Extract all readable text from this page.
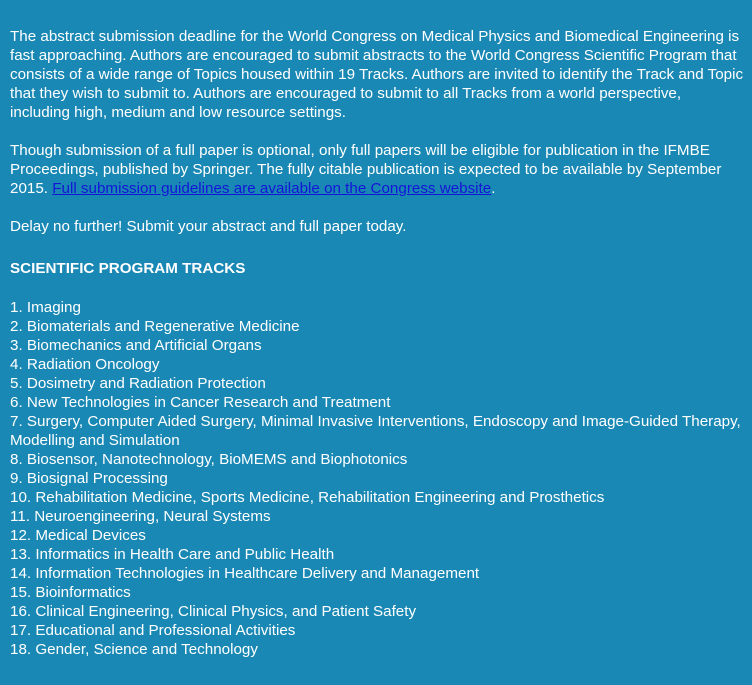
The abstract submission deadline for the World Congress on Medical Physics and Biomedical Engineering is fast approaching. Authors are encouraged to submit abstracts to the World Congress Scientific Program that consists of a wide range of Topics housed within 19 Tracks. Authors are invited to identify the Track and Topic that they wish to submit to. Authors are encouraged to submit to all Tracks from a world perspective, including high, medium and low resource settings.

Though submission of a full paper is optional, only full papers will be eligible for publication in the IFMBE Proceedings, published by Springer. The fully citable publication is expected to be available by September 2015. Full submission guidelines are available on the Congress website.

Delay no further! Submit your abstract and full paper today.

SCIENTIFIC PROGRAM TRACKS
1. Imaging
2. Biomaterials and Regenerative Medicine
3. Biomechanics and Artificial Organs
4. Radiation Oncology
5. Dosimetry and Radiation Protection
6. New Technologies in Cancer Research and Treatment
7. Surgery, Computer Aided Surgery, Minimal Invasive Interventions, Endoscopy and Image-Guided Therapy, Modelling and Simulation
8. Biosensor, Nanotechnology, BioMEMS and Biophotonics
9. Biosignal Processing
10. Rehabilitation Medicine, Sports Medicine, Rehabilitation Engineering and Prosthetics
11. Neuroengineering, Neural Systems
12. Medical Devices
13. Informatics in Health Care and Public Health
14. Information Technologies in Healthcare Delivery and Management
15. Bioinformatics
16. Clinical Engineering, Clinical Physics, and Patient Safety
17. Educational and Professional Activities
18. Gender, Science and Technology
